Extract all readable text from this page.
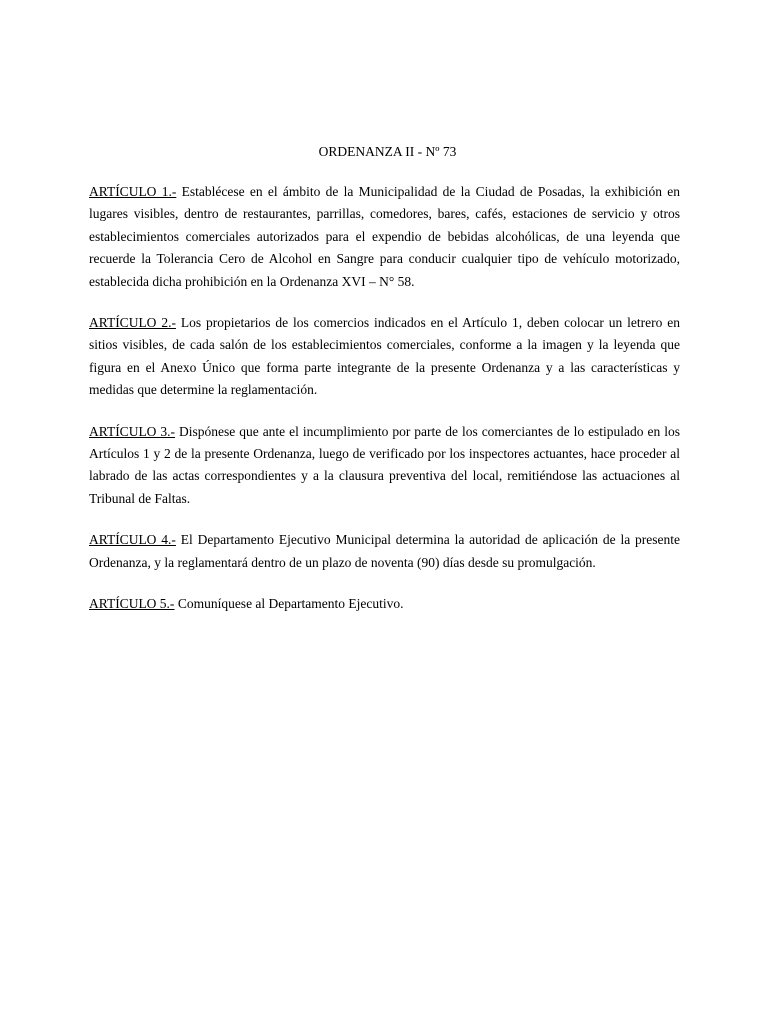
ORDENANZA II - Nº 73

ARTÍCULO 1.- Establécese en el ámbito de la Municipalidad de la Ciudad de Posadas, la exhibición en lugares visibles, dentro de restaurantes, parrillas, comedores, bares, cafés, estaciones de servicio y otros establecimientos comerciales autorizados para el expendio de bebidas alcohólicas, de una leyenda que recuerde la Tolerancia Cero de Alcohol en Sangre para conducir cualquier tipo de vehículo motorizado, establecida dicha prohibición en la Ordenanza XVI – N° 58.

ARTÍCULO 2.- Los propietarios de los comercios indicados en el Artículo 1, deben colocar un letrero en sitios visibles, de cada salón de los establecimientos comerciales, conforme a la imagen y la leyenda que figura en el Anexo Único que forma parte integrante de la presente Ordenanza y a las características y medidas que determine la reglamentación.

ARTÍCULO 3.- Dispónese que ante el incumplimiento por parte de los comerciantes de lo estipulado en los Artículos 1 y 2 de la presente Ordenanza, luego de verificado por los inspectores actuantes, hace proceder al labrado de las actas correspondientes y a la clausura preventiva del local, remitiéndose las actuaciones al Tribunal de Faltas.

ARTÍCULO 4.- El Departamento Ejecutivo Municipal determina la autoridad de aplicación de la presente Ordenanza, y la reglamentará dentro de un plazo de noventa (90) días desde su promulgación.

ARTÍCULO 5.- Comuníquese al Departamento Ejecutivo.
